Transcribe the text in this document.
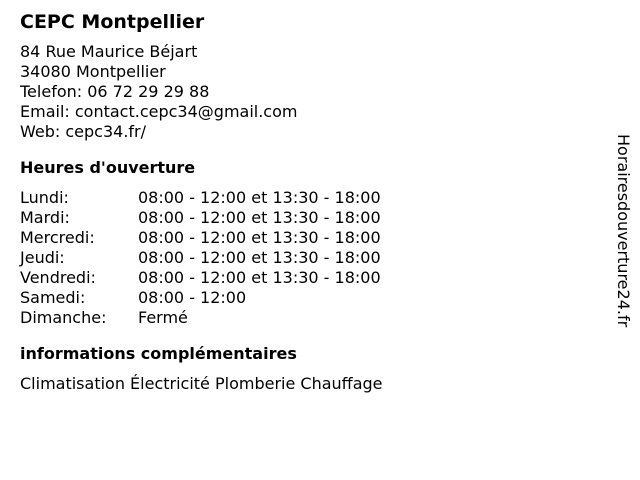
CEPC Montpellier
84 Rue Maurice Béjart
34080 Montpellier
Telefon: 06 72 29 29 88
Email: contact.cepc34@gmail.com
Web: cepc34.fr/
Heures d'ouverture
Lundi:	08:00 - 12:00 et 13:30 - 18:00
Mardi:	08:00 - 12:00 et 13:30 - 18:00
Mercredi:	08:00 - 12:00 et 13:30 - 18:00
Jeudi:	08:00 - 12:00 et 13:30 - 18:00
Vendredi:	08:00 - 12:00 et 13:30 - 18:00
Samedi:	08:00 - 12:00
Dimanche:	Fermé
informations complémentaires
Climatisation Électricité Plomberie Chauffage
Horairesdouverture24.fr
